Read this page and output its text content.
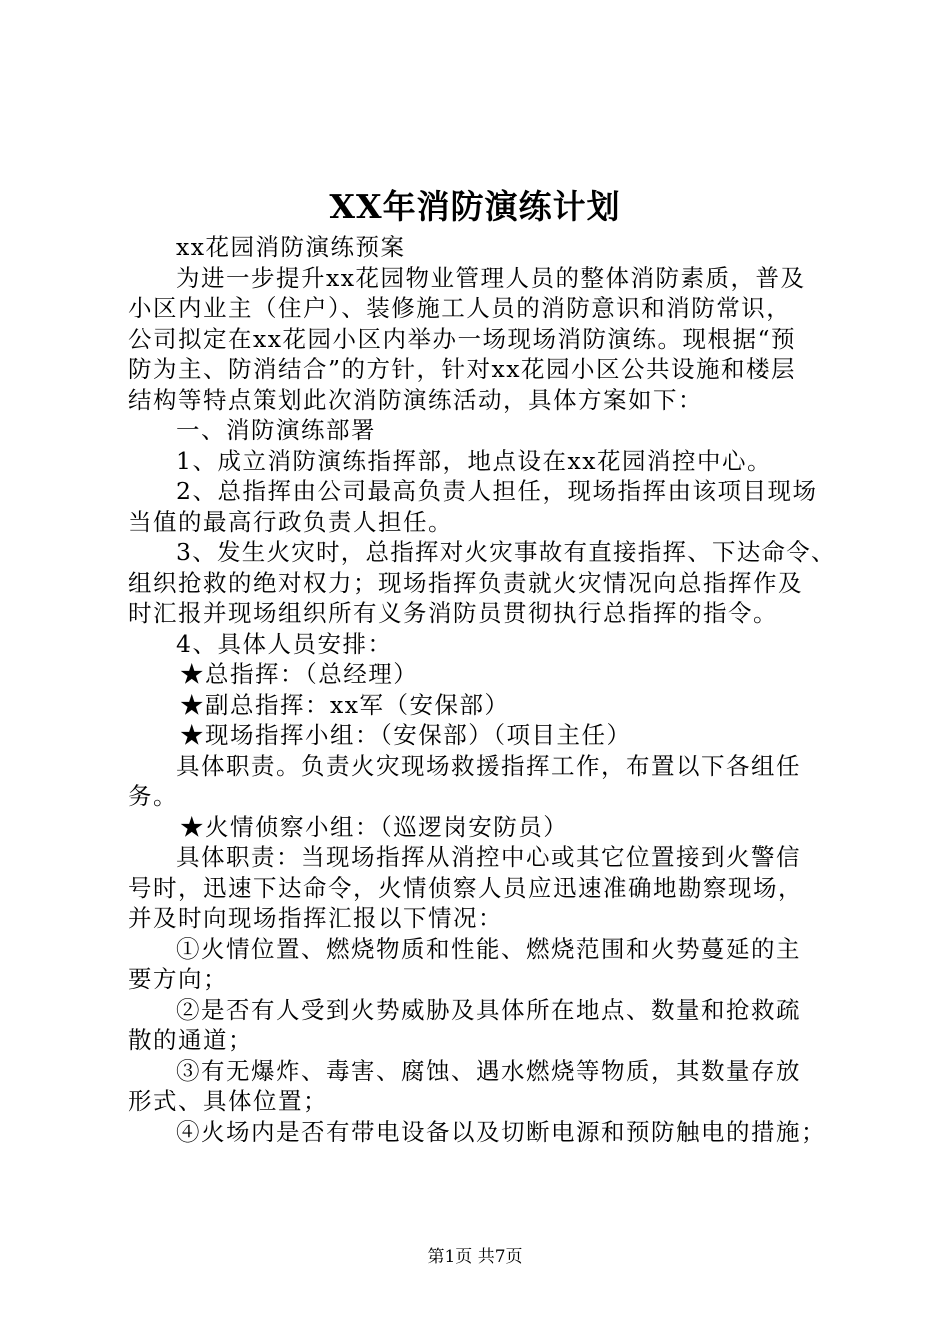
XX年消防演练计划
xx花园消防演练预案
为进一步提升xx花园物业管理人员的整体消防素质，普及
小区内业主（住户）、装修施工人员的消防意识和消防常识，
公司拟定在xx花园小区内举办一场现场消防演练。现根据“预
防为主、防消结合”的方针，针对xx花园小区公共设施和楼层
结构等特点策划此次消防演练活动，具体方案如下：
一、消防演练部署
1、成立消防演练指挥部，地点设在xx花园消控中心。
2、总指挥由公司最高负责人担任，现场指挥由该项目现场
当值的最高行政负责人担任。
3、发生火灾时，总指挥对火灾事故有直接指挥、下达命令、
组织抢救的绝对权力；现场指挥负责就火灾情况向总指挥作及
时汇报并现场组织所有义务消防员贯彻执行总指挥的指令。
4、具体人员安排：
★总指挥：（总经理）
★副总指挥：xx军（安保部）
★现场指挥小组：（安保部）（项目主任）
具体职责。负责火灾现场救援指挥工作，布置以下各组任
务。
★火情侦察小组：（巡逻岗安防员）
具体职责：当现场指挥从消控中心或其它位置接到火警信
号时，迅速下达命令，火情侦察人员应迅速准确地勘察现场，
并及时向现场指挥汇报以下情况：
①火情位置、燃烧物质和性能、燃烧范围和火势蔓延的主
要方向；
②是否有人受到火势威胁及具体所在地点、数量和抢救疏
散的通道；
③有无爆炸、毒害、腐蚀、遇水燃烧等物质，其数量存放
形式、具体位置；
④火场内是否有带电设备以及切断电源和预防触电的措施；
第1页 共7页
